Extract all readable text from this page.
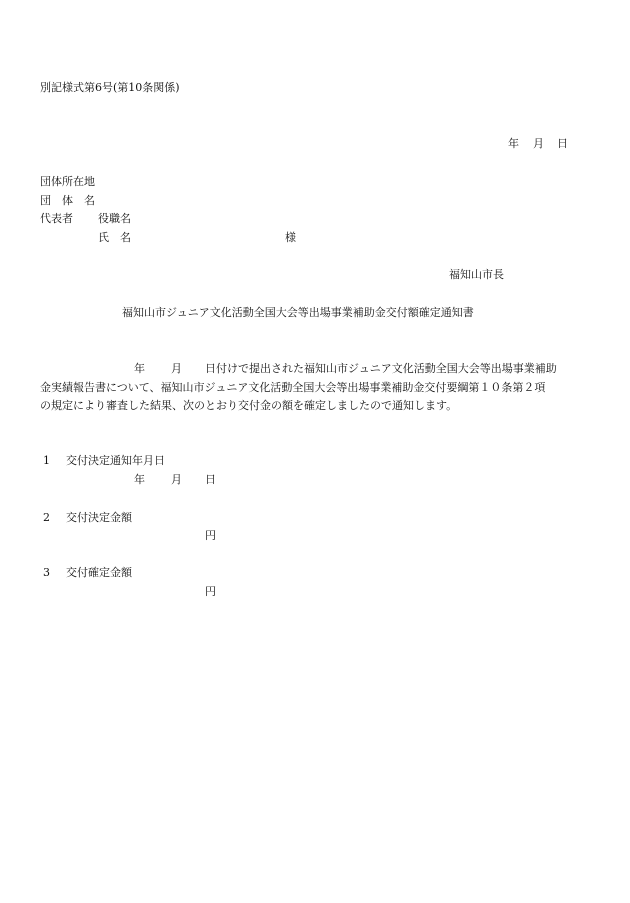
別記様式第6号(第10条関係)
年 月 日
団体所在地
団　体　名
代表者 役職名
氏　名	様
福知山市長
福知山市ジュニア文化活動全国大会等出場事業補助金交付額確定通知書
年 月 日付けで提出された福知山市ジュニア文化活動全国大会等出場事業補助
金実績報告書について、福知山市ジュニア文化活動全国大会等出場事業補助金交付要綱第１０条第２項
の規定により審査した結果、次のとおり交付金の額を確定しましたので通知します。
1 交付決定通知年月日
年 月 日
2 交付決定金額
円
3 交付確定金額
円
